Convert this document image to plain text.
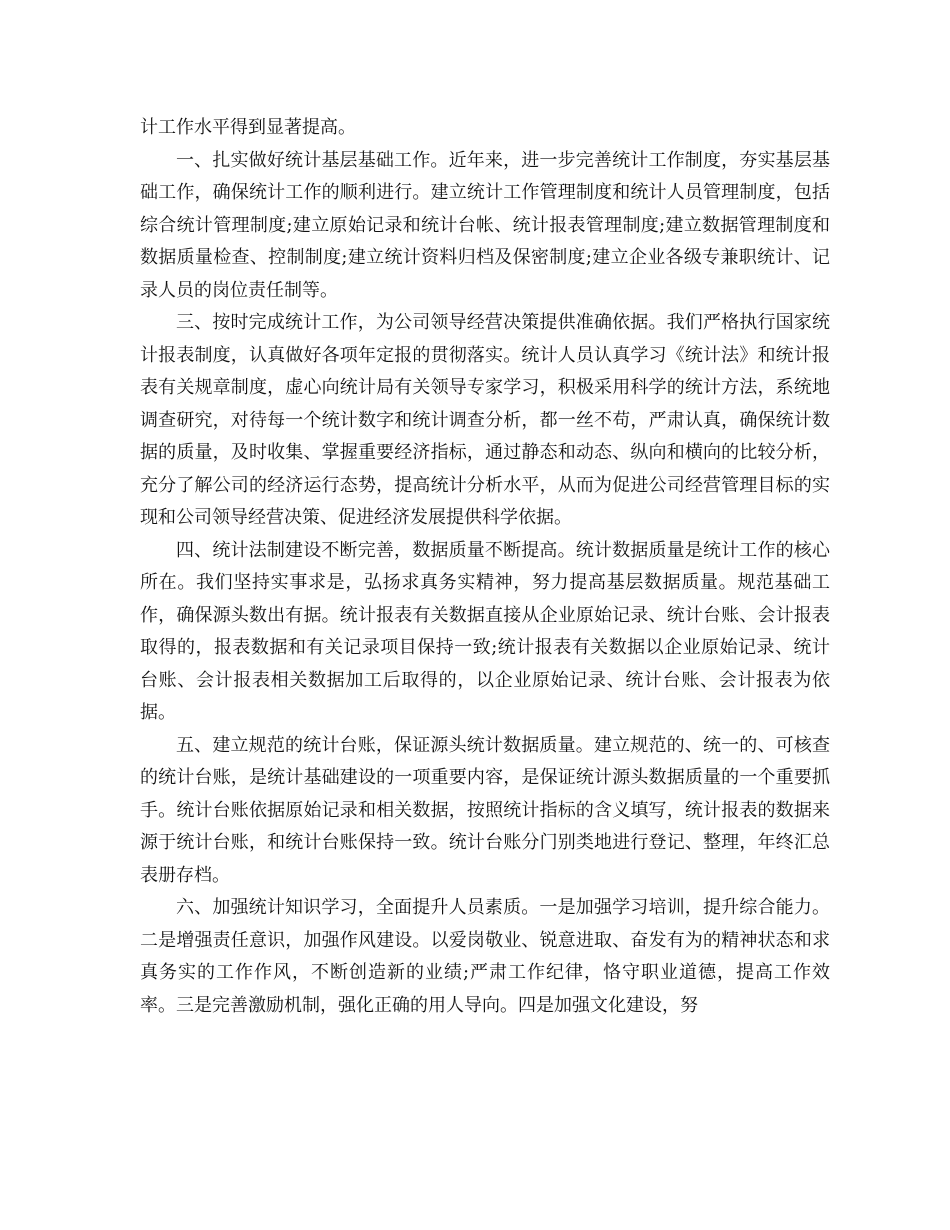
计工作水平得到显著提高。

一、扎实做好统计基层基础工作。近年来，进一步完善统计工作制度，夯实基层基础工作，确保统计工作的顺利进行。建立统计工作管理制度和统计人员管理制度，包括综合统计管理制度;建立原始记录和统计台帐、统计报表管理制度;建立数据管理制度和数据质量检查、控制制度;建立统计资料归档及保密制度;建立企业各级专兼职统计、记录人员的岗位责任制等。

三、按时完成统计工作，为公司领导经营决策提供准确依据。我们严格执行国家统计报表制度，认真做好各项年定报的贯彻落实。统计人员认真学习《统计法》和统计报表有关规章制度，虚心向统计局有关领导专家学习，积极采用科学的统计方法，系统地调查研究，对待每一个统计数字和统计调查分析，都一丝不苟，严肃认真，确保统计数据的质量，及时收集、掌握重要经济指标，通过静态和动态、纵向和横向的比较分析，充分了解公司的经济运行态势，提高统计分析水平，从而为促进公司经营管理目标的实现和公司领导经营决策、促进经济发展提供科学依据。

四、统计法制建设不断完善，数据质量不断提高。统计数据质量是统计工作的核心所在。我们坚持实事求是，弘扬求真务实精神，努力提高基层数据质量。规范基础工作，确保源头数出有据。统计报表有关数据直接从企业原始记录、统计台账、会计报表取得的，报表数据和有关记录项目保持一致;统计报表有关数据以企业原始记录、统计台账、会计报表相关数据加工后取得的，以企业原始记录、统计台账、会计报表为依据。

五、建立规范的统计台账，保证源头统计数据质量。建立规范的、统一的、可核查的统计台账，是统计基础建设的一项重要内容，是保证统计源头数据质量的一个重要抓手。统计台账依据原始记录和相关数据，按照统计指标的含义填写，统计报表的数据来源于统计台账，和统计台账保持一致。统计台账分门别类地进行登记、整理，年终汇总表册存档。

六、加强统计知识学习，全面提升人员素质。一是加强学习培训，提升综合能力。二是增强责任意识，加强作风建设。以爱岗敬业、锐意进取、奋发有为的精神状态和求真务实的工作作风，不断创造新的业绩;严肃工作纪律，恪守职业道德，提高工作效率。三是完善激励机制，强化正确的用人导向。四是加强文化建设，努
